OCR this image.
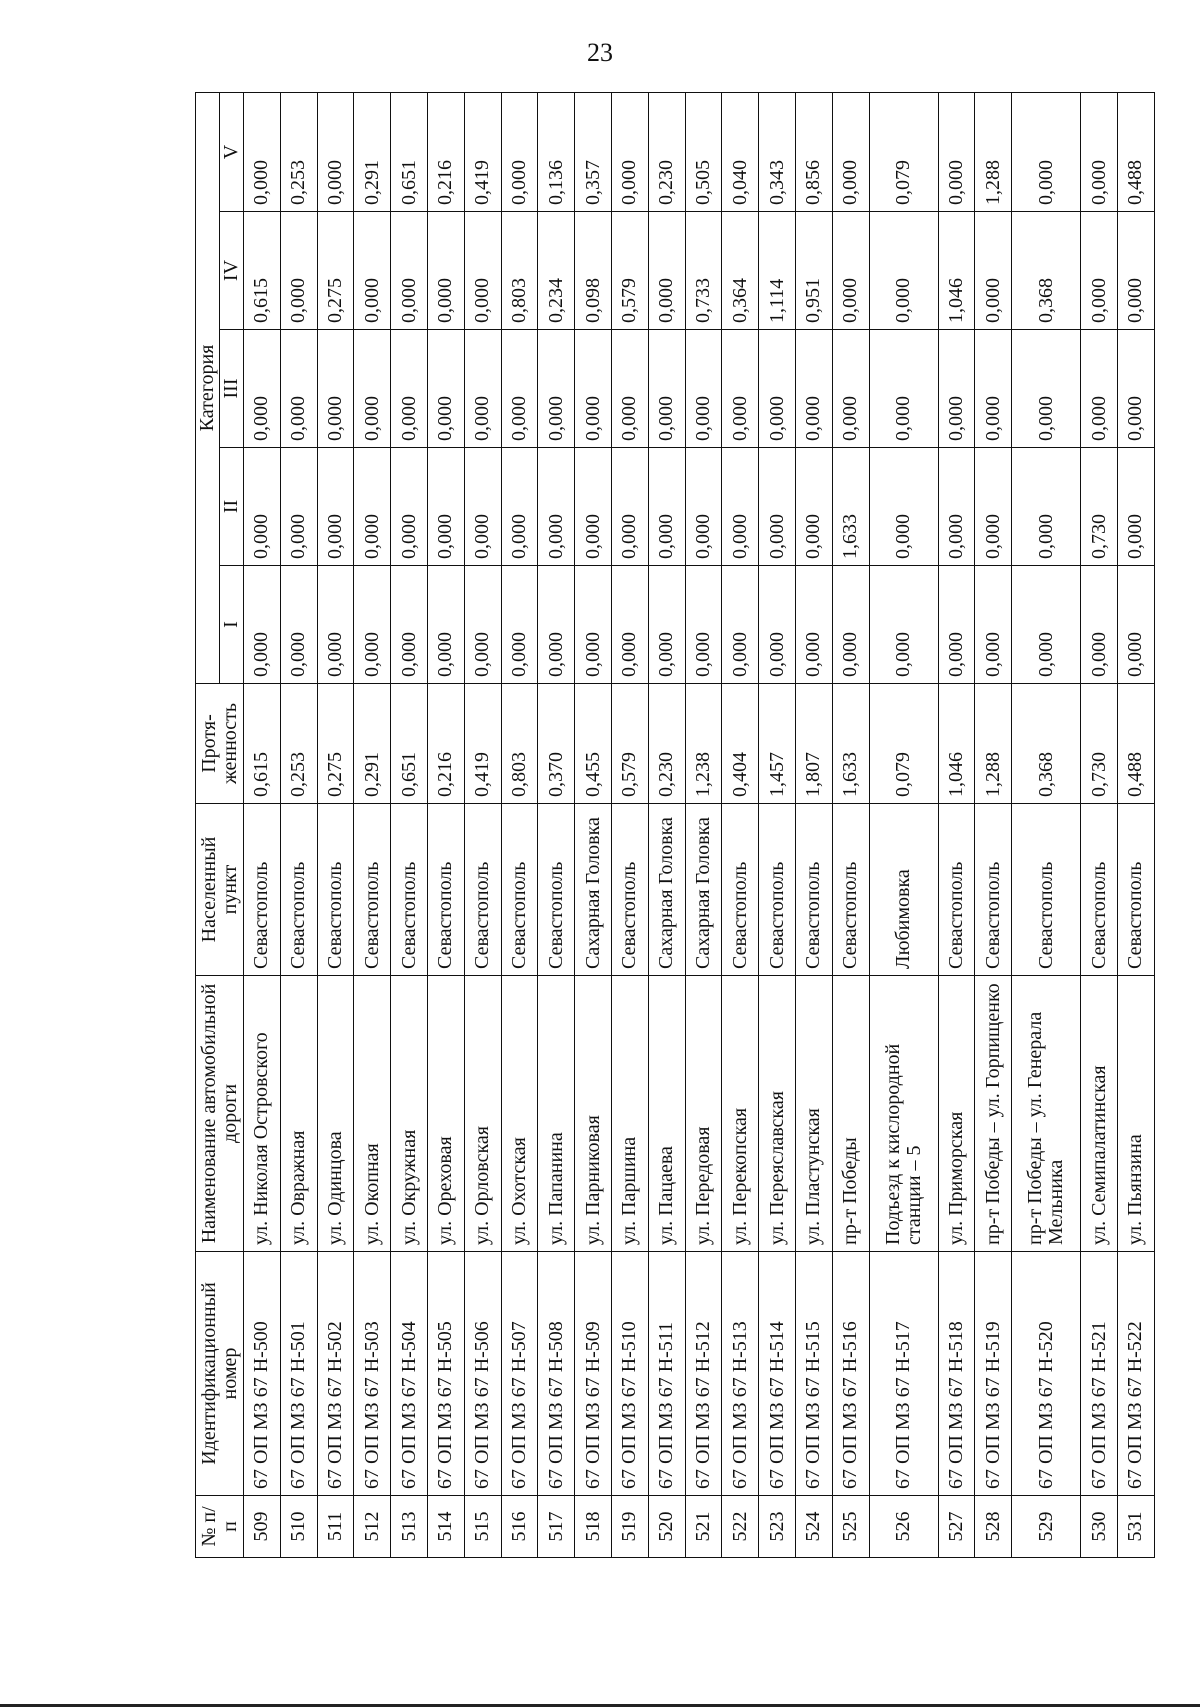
23
№ п/п	Идентификационный номер	Наименование автомобильной дороги	Населенный пункт	Протя-женность	Категория				
					I	II	III	IV	V
509	67 ОП МЗ 67 Н-500	ул. Николая Островского	Севастополь	0,615	0,000	0,000	0,000	0,615	0,000
510	67 ОП МЗ 67 Н-501	ул. Овражная	Севастополь	0,253	0,000	0,000	0,000	0,000	0,253
511	67 ОП МЗ 67 Н-502	ул. Одинцова	Севастополь	0,275	0,000	0,000	0,000	0,275	0,000
512	67 ОП МЗ 67 Н-503	ул. Окопная	Севастополь	0,291	0,000	0,000	0,000	0,000	0,291
513	67 ОП МЗ 67 Н-504	ул. Окружная	Севастополь	0,651	0,000	0,000	0,000	0,000	0,651
514	67 ОП МЗ 67 Н-505	ул. Ореховая	Севастополь	0,216	0,000	0,000	0,000	0,000	0,216
515	67 ОП МЗ 67 Н-506	ул. Орловская	Севастополь	0,419	0,000	0,000	0,000	0,000	0,419
516	67 ОП МЗ 67 Н-507	ул. Охотская	Севастополь	0,803	0,000	0,000	0,000	0,803	0,000
517	67 ОП МЗ 67 Н-508	ул. Папанина	Севастополь	0,370	0,000	0,000	0,000	0,234	0,136
518	67 ОП МЗ 67 Н-509	ул. Парниковая	Сахарная Головка	0,455	0,000	0,000	0,000	0,098	0,357
519	67 ОП МЗ 67 Н-510	ул. Паршина	Севастополь	0,579	0,000	0,000	0,000	0,579	0,000
520	67 ОП МЗ 67 Н-511	ул. Пацаева	Сахарная Головка	0,230	0,000	0,000	0,000	0,000	0,230
521	67 ОП МЗ 67 Н-512	ул. Передовая	Сахарная Головка	1,238	0,000	0,000	0,000	0,733	0,505
522	67 ОП МЗ 67 Н-513	ул. Перекопская	Севастополь	0,404	0,000	0,000	0,000	0,364	0,040
523	67 ОП МЗ 67 Н-514	ул. Переяславская	Севастополь	1,457	0,000	0,000	0,000	1,114	0,343
524	67 ОП МЗ 67 Н-515	ул. Пластунская	Севастополь	1,807	0,000	0,000	0,000	0,951	0,856
525	67 ОП МЗ 67 Н-516	пр-т Победы	Севастополь	1,633	0,000	1,633	0,000	0,000	0,000
526	67 ОП МЗ 67 Н-517	Подъезд к кислородной станции – 5	Любимовка	0,079	0,000	0,000	0,000	0,000	0,079
527	67 ОП МЗ 67 Н-518	ул. Приморская	Севастополь	1,046	0,000	0,000	0,000	1,046	0,000
528	67 ОП МЗ 67 Н-519	пр-т Победы – ул. Горпищенко	Севастополь	1,288	0,000	0,000	0,000	0,000	1,288
529	67 ОП МЗ 67 Н-520	пр-т Победы – ул. Генерала Мельника	Севастополь	0,368	0,000	0,000	0,000	0,368	0,000
530	67 ОП МЗ 67 Н-521	ул. Семипалатинская	Севастополь	0,730	0,000	0,730	0,000	0,000	0,000
531	67 ОП МЗ 67 Н-522	ул. Пьянзина	Севастополь	0,488	0,000	0,000	0,000	0,000	0,488
